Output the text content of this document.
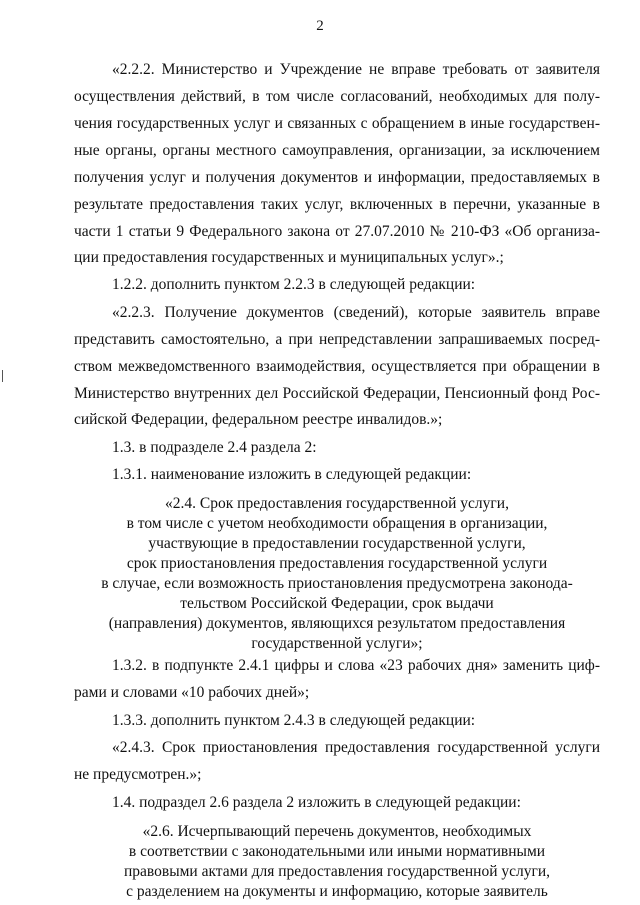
2
«2.2.2. Министерство и Учреждение не вправе требовать от заявителя
осуществления действий, в том числе согласований, необходимых для полу-
чения государственных услуг и связанных с обращением в иные государствен-
ные органы, органы местного самоуправления, организации, за исключением
получения услуг и получения документов и информации, предоставляемых в
результате предоставления таких услуг, включенных в перечни, указанные в
части 1 статьи 9 Федерального закона от 27.07.2010 № 210-ФЗ «Об организа-
ции предоставления государственных и муниципальных услуг».;
1.2.2. дополнить пунктом 2.2.3 в следующей редакции:
«2.2.3. Получение документов (сведений), которые заявитель вправе
представить самостоятельно, а при непредставлении запрашиваемых посред-
ством межведомственного взаимодействия, осуществляется при обращении в
Министерство внутренних дел Российской Федерации, Пенсионный фонд Рос-
сийской Федерации, федеральном реестре инвалидов.»;
1.3. в подразделе 2.4 раздела 2:
1.3.1. наименование изложить в следующей редакции:
«2.4. Срок предоставления государственной услуги,
в том числе с учетом необходимости обращения в организации,
участвующие в предоставлении государственной услуги,
срок приостановления предоставления государственной услуги
в случае, если возможность приостановления предусмотрена законода-
тельством Российской Федерации, срок выдачи
(направления) документов, являющихся результатом предоставления
государственной услуги»;
1.3.2. в подпункте 2.4.1 цифры и слова «23 рабочих дня» заменить циф-
рами и словами «10 рабочих дней»;
1.3.3. дополнить пунктом 2.4.3 в следующей редакции:
«2.4.3. Срок приостановления предоставления государственной услуги
не предусмотрен.»;
1.4. подраздел 2.6 раздела 2 изложить в следующей редакции:
«2.6. Исчерпывающий перечень документов, необходимых
в соответствии с законодательными или иными нормативными
правовыми актами для предоставления государственной услуги,
с разделением на документы и информацию, которые заявитель
